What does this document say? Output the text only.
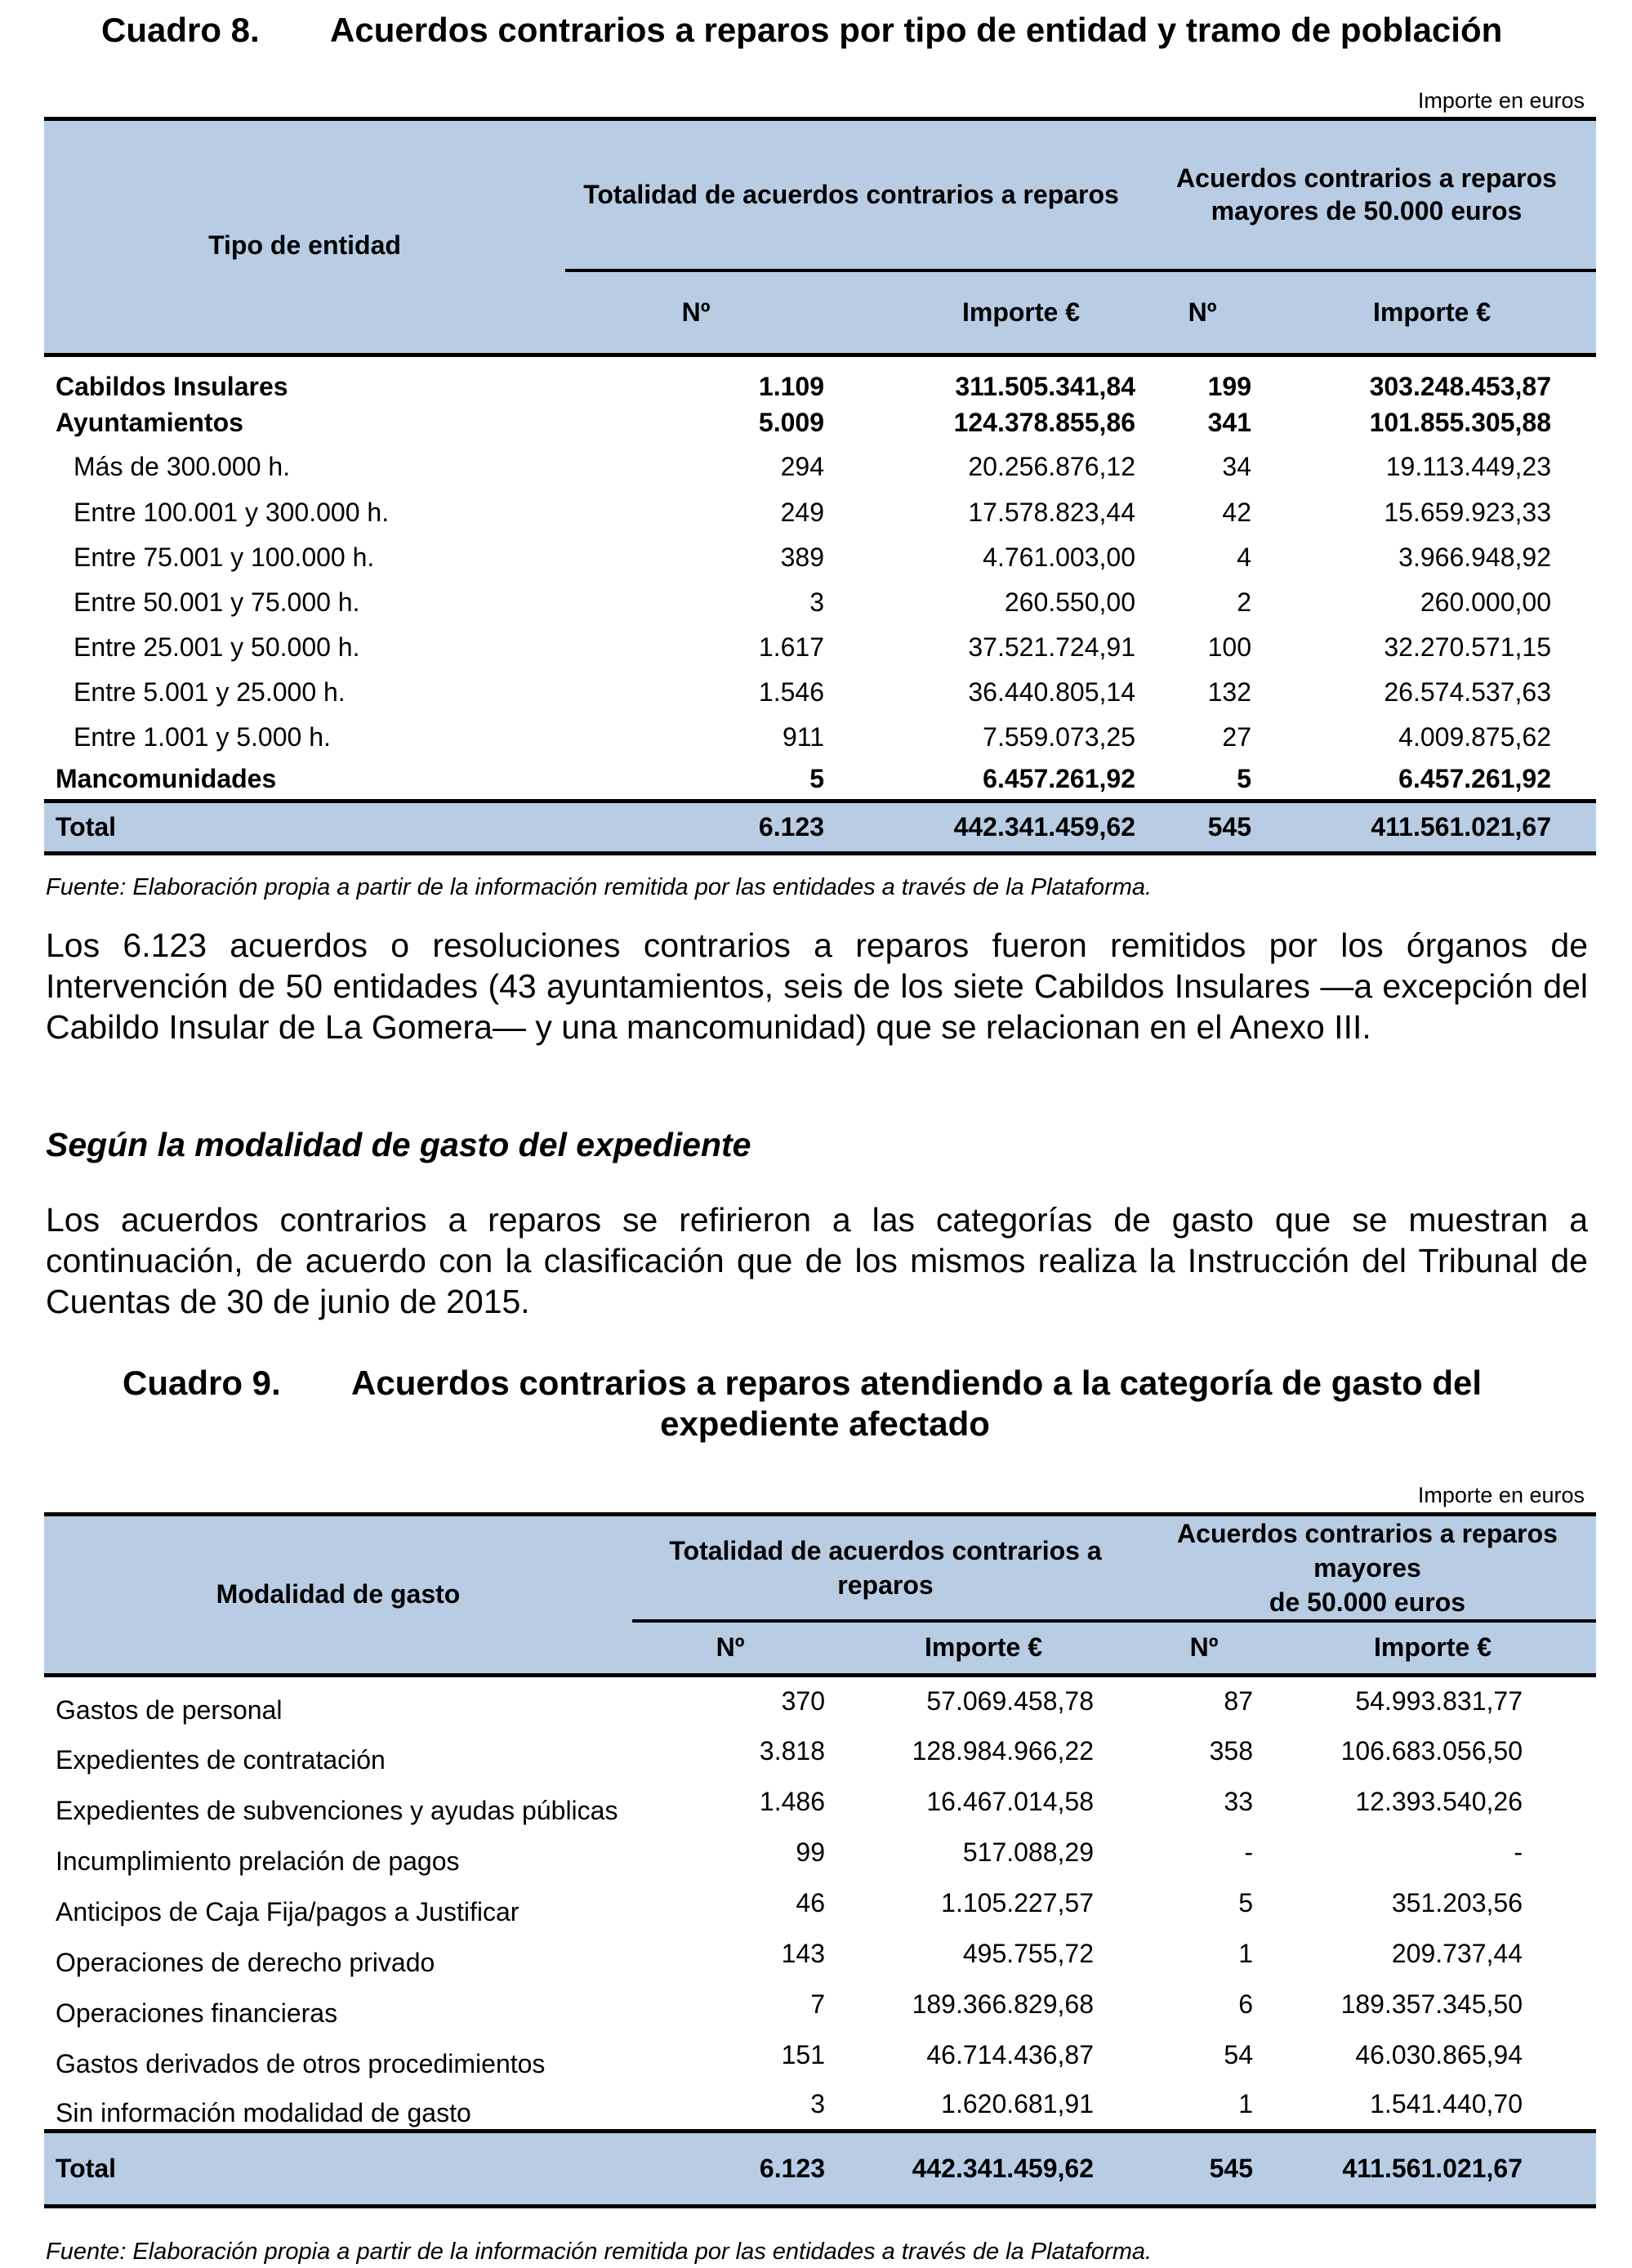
Cuadro 8. Acuerdos contrarios a reparos por tipo de entidad y tramo de población
Importe en euros
Tipo de entidad	Totalidad de acuerdos contrarios a reparos		Acuerdos contrarios a reparos
mayores de 50.000 euros	
	Nº	Importe €	Nº	Importe €
Cabildos Insulares	1.109	311.505.341,84	199	303.248.453,87
Ayuntamientos	5.009	124.378.855,86	341	101.855.305,88
Más de 300.000 h.	294	20.256.876,12	34	19.113.449,23
Entre 100.001 y 300.000 h.	249	17.578.823,44	42	15.659.923,33
Entre 75.001 y 100.000 h.	389	4.761.003,00	4	3.966.948,92
Entre 50.001 y 75.000 h.	3	260.550,00	2	260.000,00
Entre 25.001 y 50.000 h.	1.617	37.521.724,91	100	32.270.571,15
Entre 5.001 y 25.000 h.	1.546	36.440.805,14	132	26.574.537,63
Entre 1.001 y 5.000 h.	911	7.559.073,25	27	4.009.875,62
Mancomunidades	5	6.457.261,92	5	6.457.261,92
Total	6.123	442.341.459,62	545	411.561.021,67
Fuente: Elaboración propia a partir de la información remitida por las entidades a través de la Plataforma.
Los 6.123 acuerdos o resoluciones contrarios a reparos fueron remitidos por los órganos de Intervención de 50 entidades (43 ayuntamientos, seis de los siete Cabildos Insulares —a excepción del Cabildo Insular de La Gomera— y una mancomunidad) que se relacionan en el Anexo III.
Según la modalidad de gasto del expediente
Los acuerdos contrarios a reparos se refirieron a las categorías de gasto que se muestran a continuación, de acuerdo con la clasificación que de los mismos realiza la Instrucción del Tribunal de Cuentas de 30 de junio de 2015.
Cuadro 9. Acuerdos contrarios a reparos atendiendo a la categoría de gasto del
expediente afectado
Importe en euros
Modalidad de gasto	Totalidad de acuerdos contrarios a
reparos		Acuerdos contrarios a reparos mayores
de 50.000 euros	
	Nº	Importe €	Nº	Importe €
Gastos de personal	370	57.069.458,78	87	54.993.831,77
Expedientes de contratación	3.818	128.984.966,22	358	106.683.056,50
Expedientes de subvenciones y ayudas públicas	1.486	16.467.014,58	33	12.393.540,26
Incumplimiento prelación de pagos	99	517.088,29	-	-
Anticipos de Caja Fija/pagos a Justificar	46	1.105.227,57	5	351.203,56
Operaciones de derecho privado	143	495.755,72	1	209.737,44
Operaciones financieras	7	189.366.829,68	6	189.357.345,50
Gastos derivados de otros procedimientos	151	46.714.436,87	54	46.030.865,94
Sin información modalidad de gasto	3	1.620.681,91	1	1.541.440,70
Total	6.123	442.341.459,62	545	411.561.021,67
Fuente: Elaboración propia a partir de la información remitida por las entidades a través de la Plataforma.
